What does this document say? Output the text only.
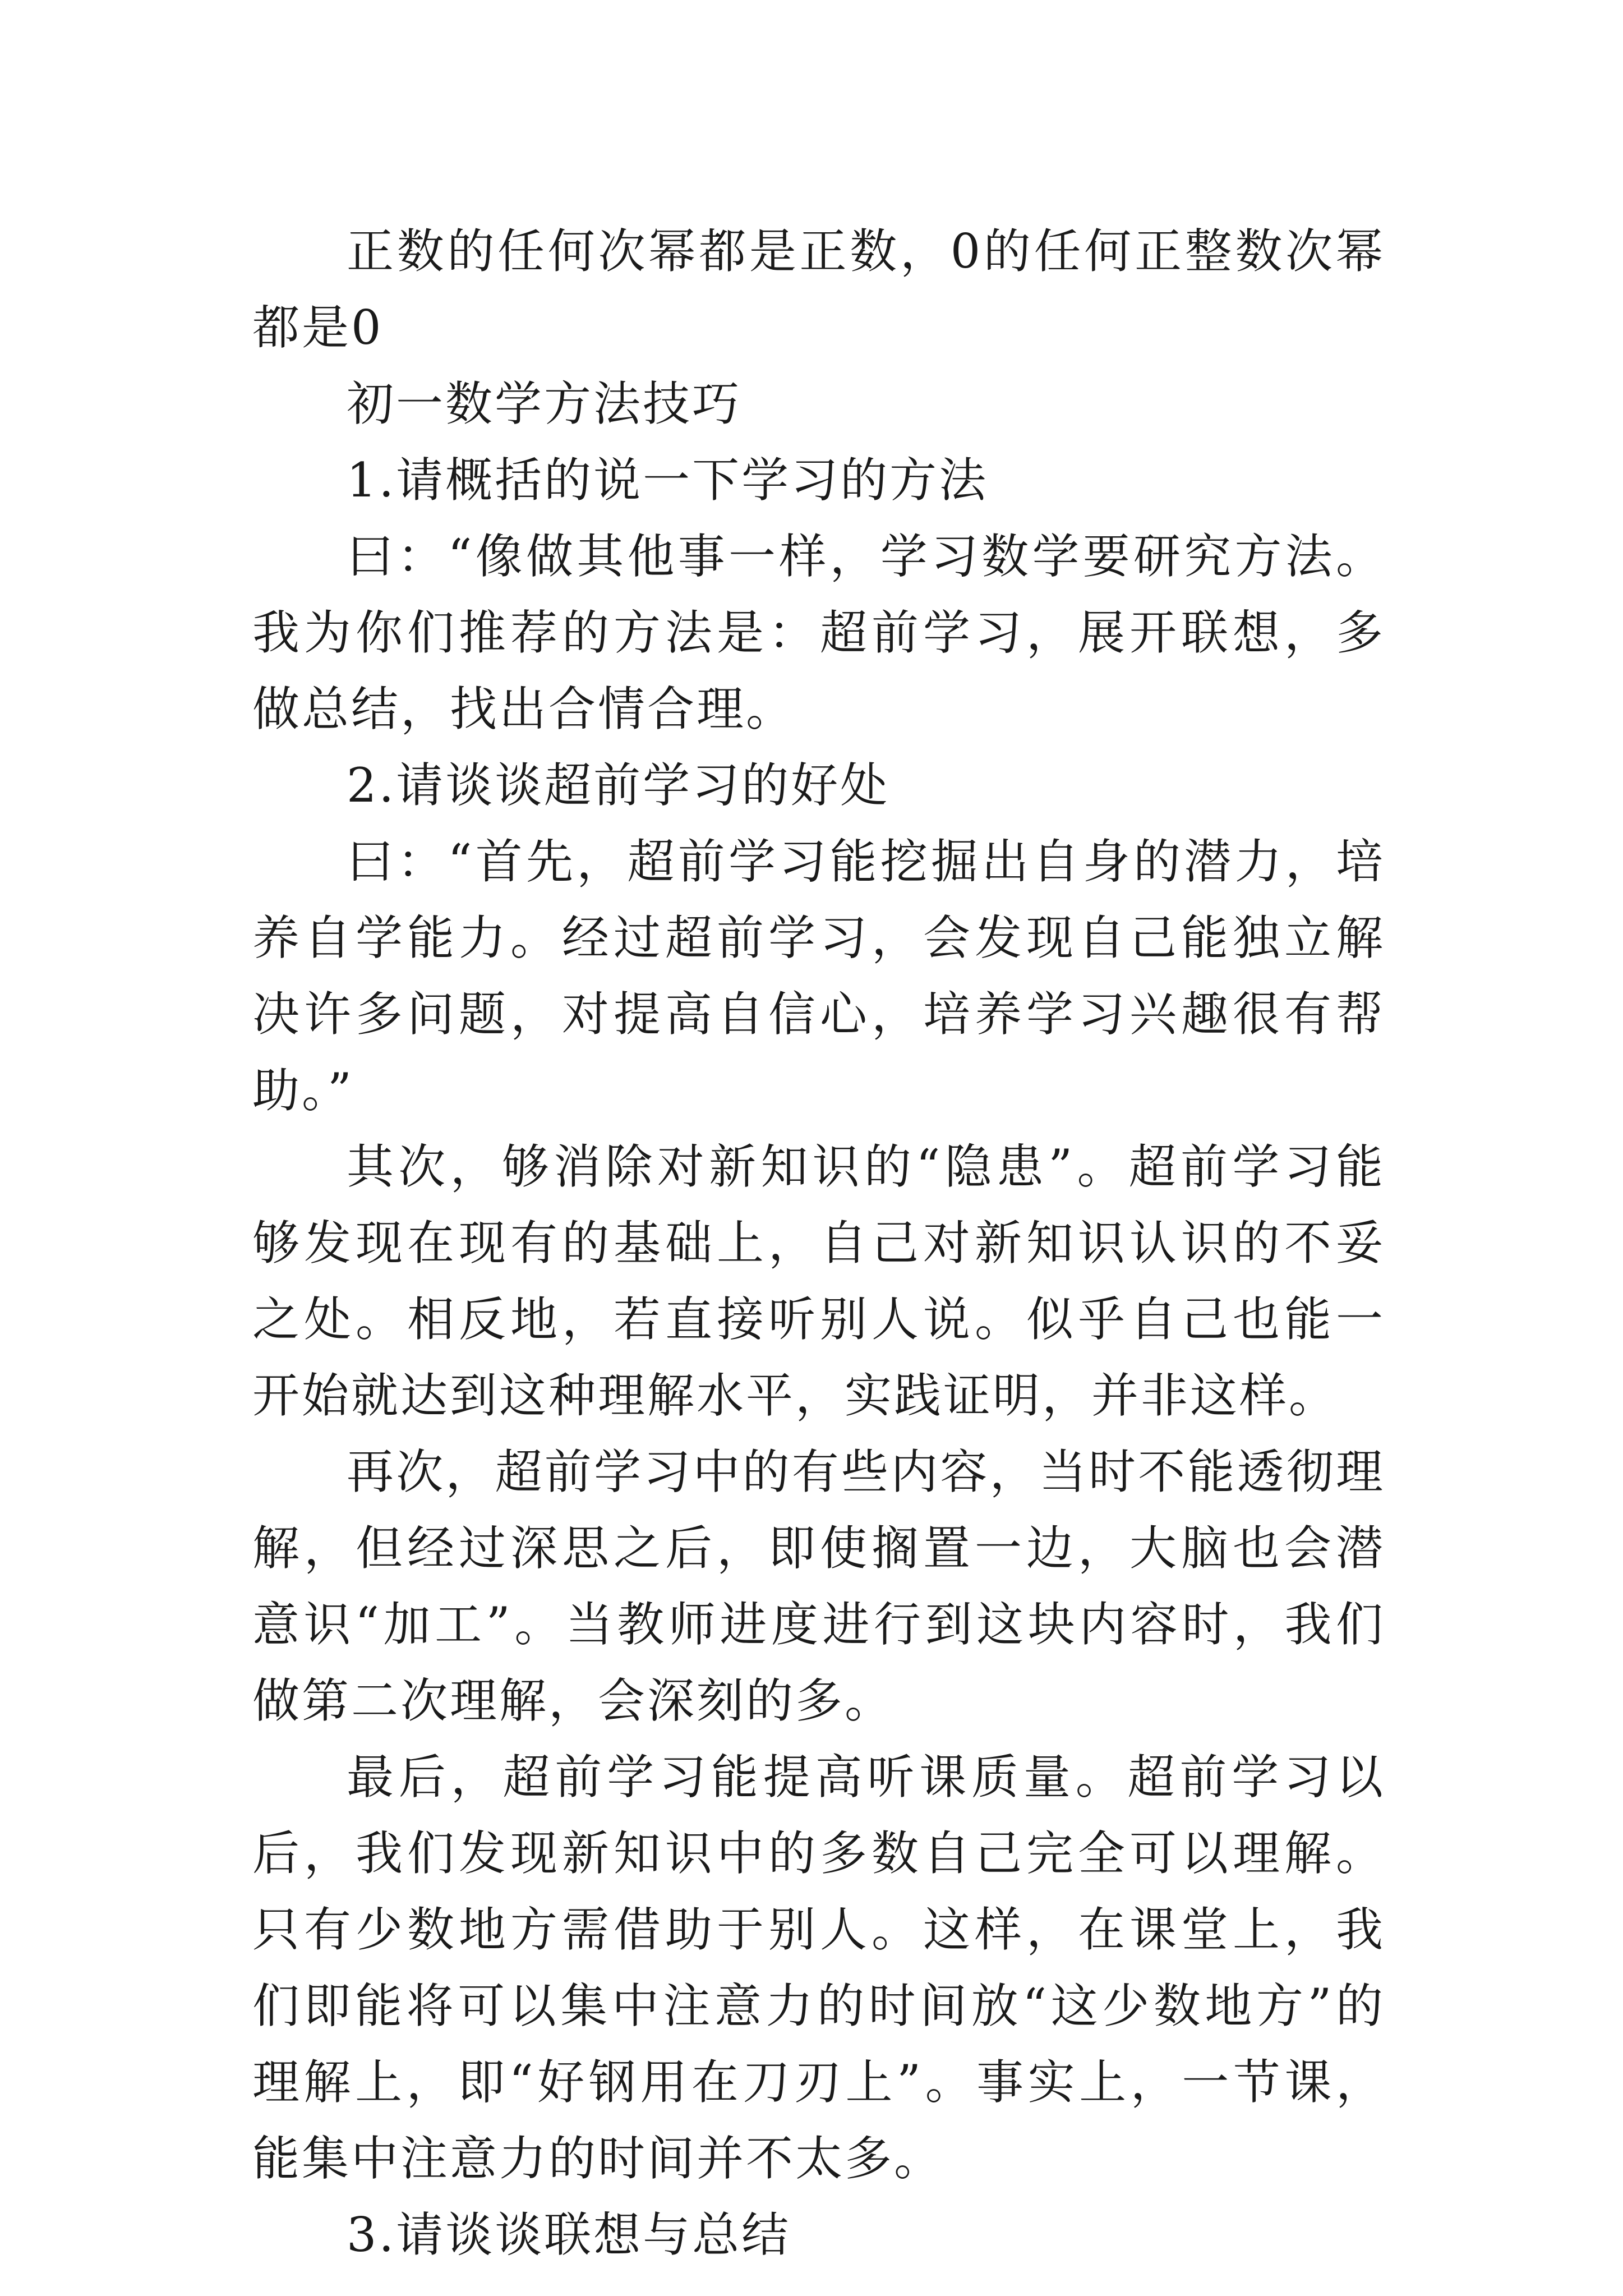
正数的任何次幂都是正数，0的任何正整数次幂都是0

初一数学方法技巧

1.请概括的说一下学习的方法

曰：“像做其他事一样，学习数学要研究方法。我为你们推荐的方法是：超前学习，展开联想，多做总结，找出合情合理。

2.请谈谈超前学习的好处

曰：“首先，超前学习能挖掘出自身的潜力，培养自学能力。经过超前学习，会发现自己能独立解决许多问题，对提高自信心，培养学习兴趣很有帮助。”

其次，够消除对新知识的“隐患”。超前学习能够发现在现有的基础上，自己对新知识认识的不妥之处。相反地，若直接听别人说。似乎自己也能一开始就达到这种理解水平，实践证明，并非这样。

再次，超前学习中的有些内容，当时不能透彻理解，但经过深思之后，即使搁置一边，大脑也会潜意识“加工”。当教师进度进行到这块内容时，我们做第二次理解，会深刻的多。

最后，超前学习能提高听课质量。超前学习以后，我们发现新知识中的多数自己完全可以理解。只有少数地方需借助于别人。这样，在课堂上，我们即能将可以集中注意力的时间放“这少数地方”的理解上，即“好钢用在刀刃上”。事实上，一节课，能集中注意力的时间并不太多。

3.请谈谈联想与总结
